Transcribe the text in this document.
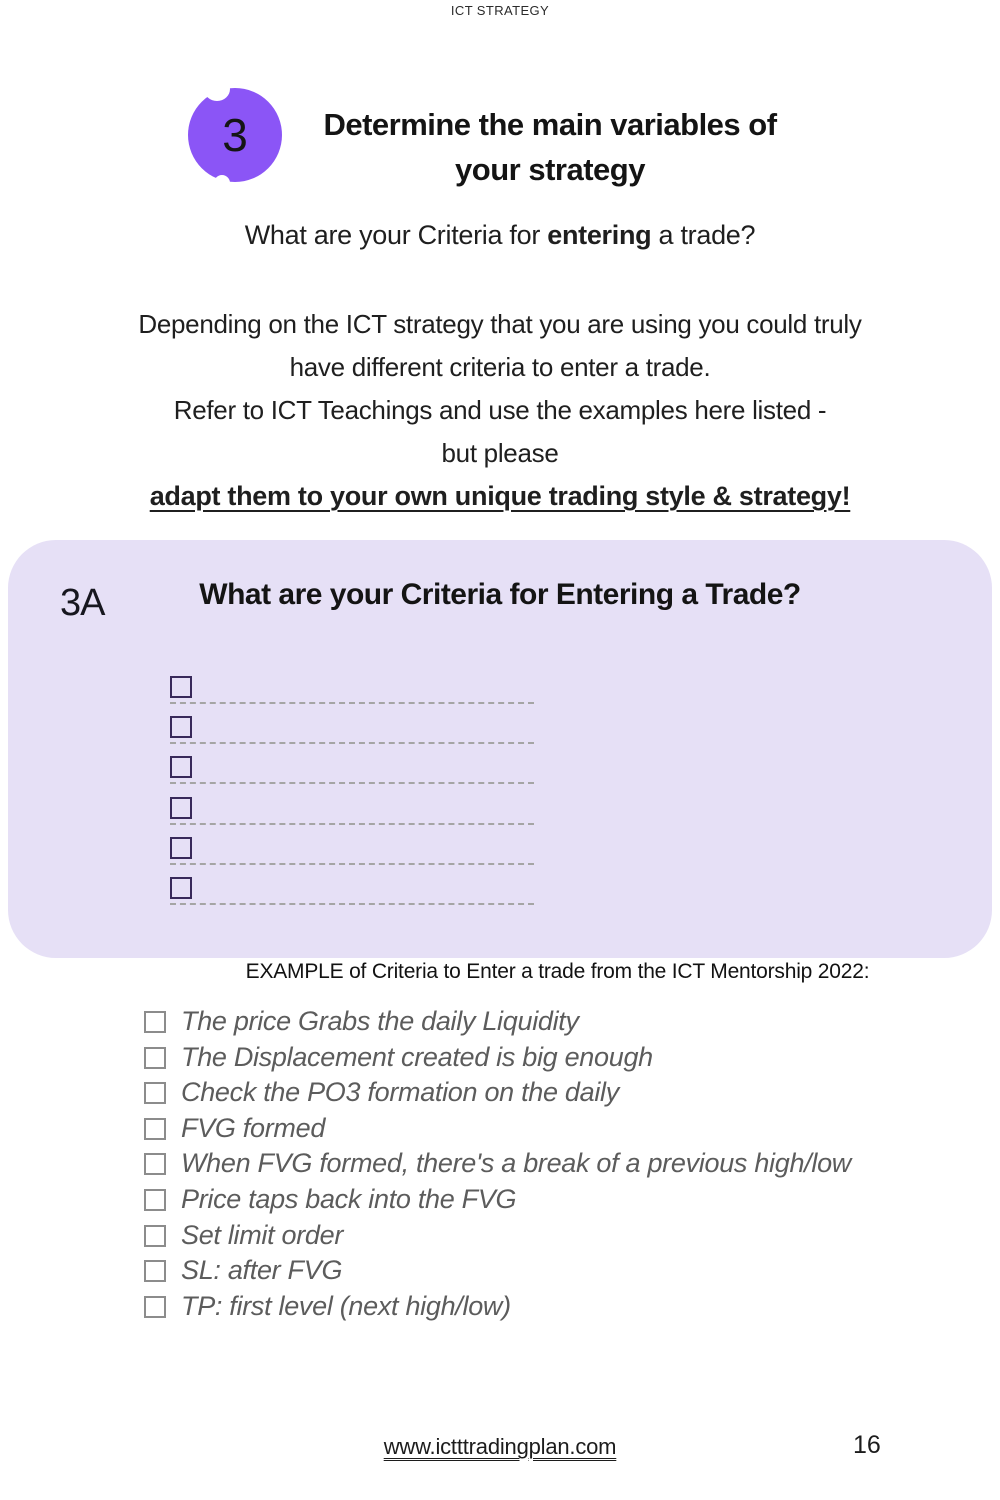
ICT STRATEGY
3	Determine the main variables of
your strategy
What are your Criteria for entering a trade?
Depending on the ICT strategy that you are using you could truly
have different criteria to enter a trade.
Refer to ICT Teachings and use the examples here listed -
but please
adapt them to your own unique trading style & strategy!
3A	What are your Criteria for Entering a Trade?
EXAMPLE of Criteria to Enter a trade from the ICT Mentorship 2022:
The price Grabs the daily Liquidity
The Displacement created is big enough
Check the PO3 formation on the daily
FVG formed
When FVG formed, there's a break of a previous high/low
Price taps back into the FVG
Set limit order
SL: after FVG
TP: first level (next high/low)
www.ictttradingplan.com	16
